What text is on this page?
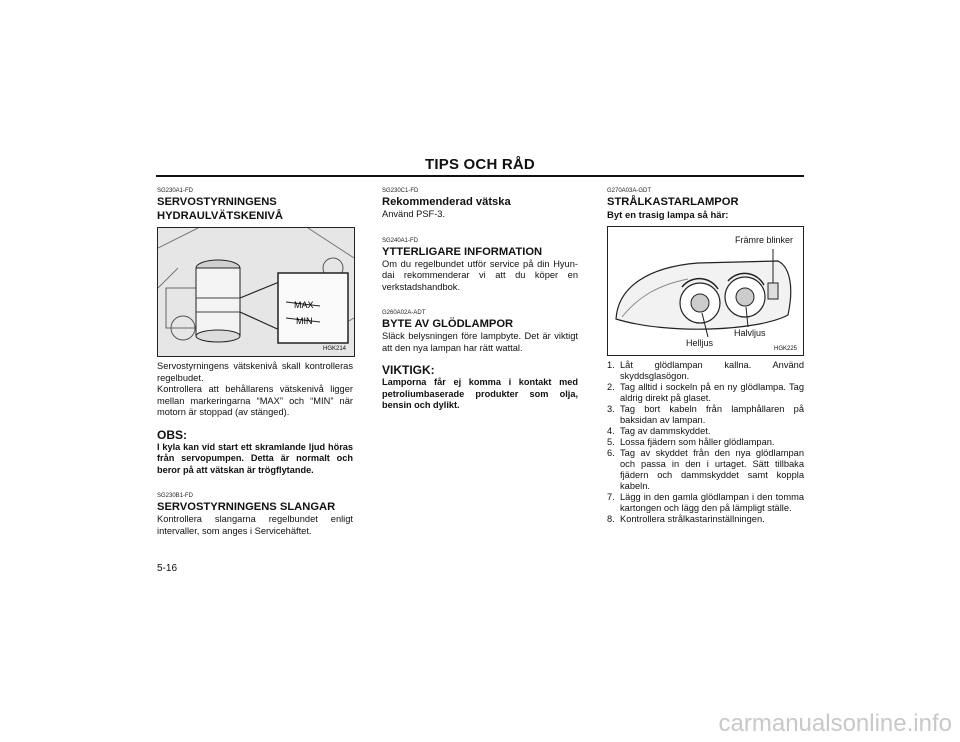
TIPS OCH RÅD
SG230A1-FD
SERVOSTYRNINGENS HYDRAULVÄTSKENIVÅ
MAX
MIN
HGK214
Servostyrningens vätskenivå skall kontrolleras regelbudet.
Kontrollera att behållarens vätskenivå ligger mellan markeringarna “MAX” och “MIN” när motorn är stoppad (av stänged).
OBS:
I kyla kan vid start ett skramlande ljud höras från servopumpen. Detta är normalt och beror på att vätskan är trögflytande.
SG230B1-FD
SERVOSTYRNINGENS SLANGAR
Kontrollera slangarna regelbundet enligt intervaller, som anges i Servicehäftet.
SG230C1-FD
Rekommenderad vätska
Använd PSF-3.
SG240A1-FD
YTTERLIGARE INFORMATION
Om du regelbundet utför service på din Hyun-dai rekommenderar vi att du köper en verkstadshandbok.
G260A02A-ADT
BYTE AV GLÖDLAMPOR
Släck belysningen före lampbyte. Det är viktigt att den nya lampan har rätt wattal.
VIKTIGK:
Lamporna får ej komma i kontakt med petroliumbaserade produkter som olja, bensin och dylikt.
G270A03A-GDT
STRÅLKASTARLAMPOR
Byt en trasig lampa så här:
Främre blinker
Halvljus
Helljus
HGK225
1. Låt glödlampan kallna. Använd skyddsglasögon.
2. Tag alltid i sockeln på en ny glödlampa. Tag aldrig direkt på glaset.
3. Tag bort kabeln från lamphållaren på baksidan av lampan.
4. Tag av dammskyddet.
5. Lossa fjädern som håller glödlampan.
6. Tag av skyddet från den nya glödlampan och passa in den i urtaget. Sätt tillbaka fjädern och dammskyddet samt koppla kabeln.
7. Lägg in den gamla glödlampan i den tomma kartongen och lägg den på lämpligt ställe.
8. Kontrollera strålkastarinställningen.
5-16
carmanualsonline.info
